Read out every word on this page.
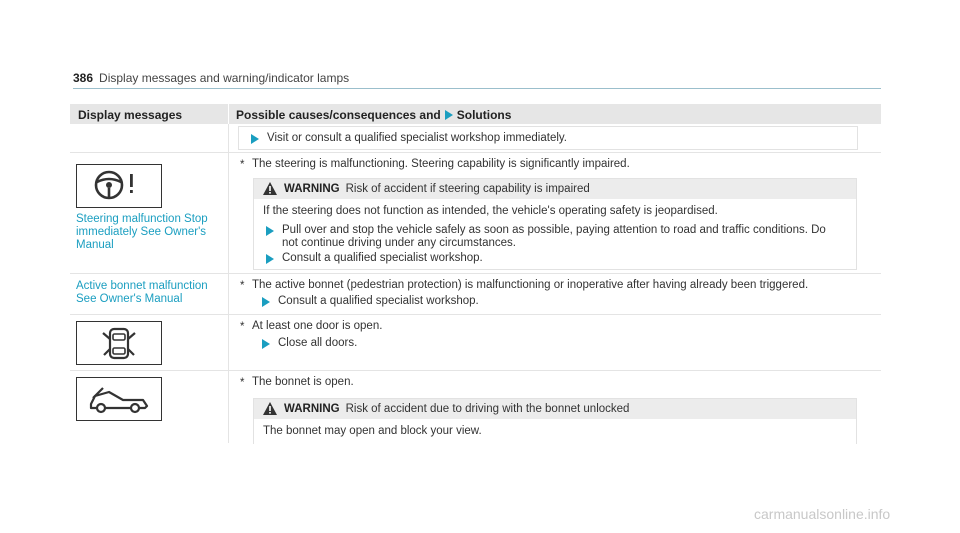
386 Display messages and warning/indicator lamps
Display messages	Possible causes/consequences and Solutions
Visit or consult a qualified specialist workshop immediately.
Steering malfunction Stop
immediately See Owner's
Manual
* The steering is malfunctioning. Steering capability is significantly impaired.
WARNING Risk of accident if steering capability is impaired
If the steering does not function as intended, the vehicle's operating safety is jeopardised.
Pull over and stop the vehicle safely as soon as possible, paying attention to road and traffic conditions. Do
not continue driving under any circumstances.
Consult a qualified specialist workshop.
Active bonnet malfunction
See Owner's Manual
* The active bonnet (pedestrian protection) is malfunctioning or inoperative after having already been triggered.
Consult a qualified specialist workshop.
* At least one door is open.
Close all doors.
* The bonnet is open.
WARNING Risk of accident due to driving with the bonnet unlocked
The bonnet may open and block your view.
carmanualsonline.info
